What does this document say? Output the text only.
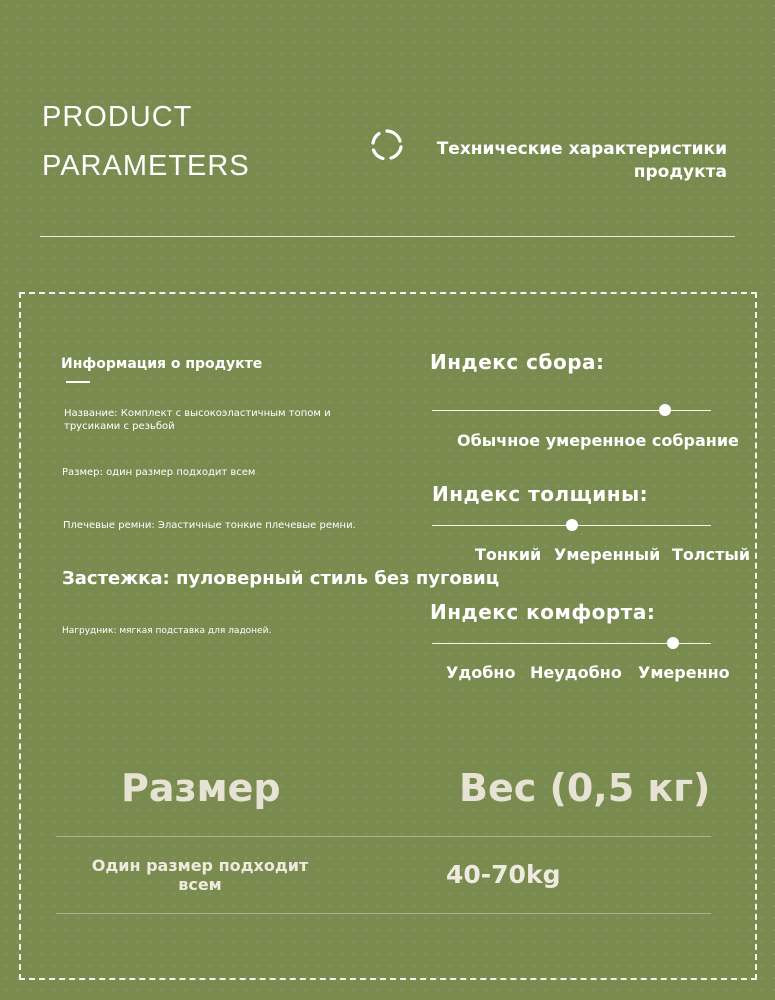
PRODUCT
PARAMETERS
Технические характеристики продукта
Информация о продукте
Название: Комплект с высокоэластичным топом и трусиками с резьбой
Размер: один размер подходит всем
Плечевые ремни: Эластичные тонкие плечевые ремни.
Застежка: пуловерный стиль без пуговиц
Нагрудник: мягкая подставка для ладоней.
Индекс сбора:
Обычное умеренное собрание
Индекс толщины:
Тонкий Умеренный Толстый
Индекс комфорта:
Удобно Неудобно Умеренно
Размер	Вес (0,5 кг)
Один размер подходит всем	40-70kg
